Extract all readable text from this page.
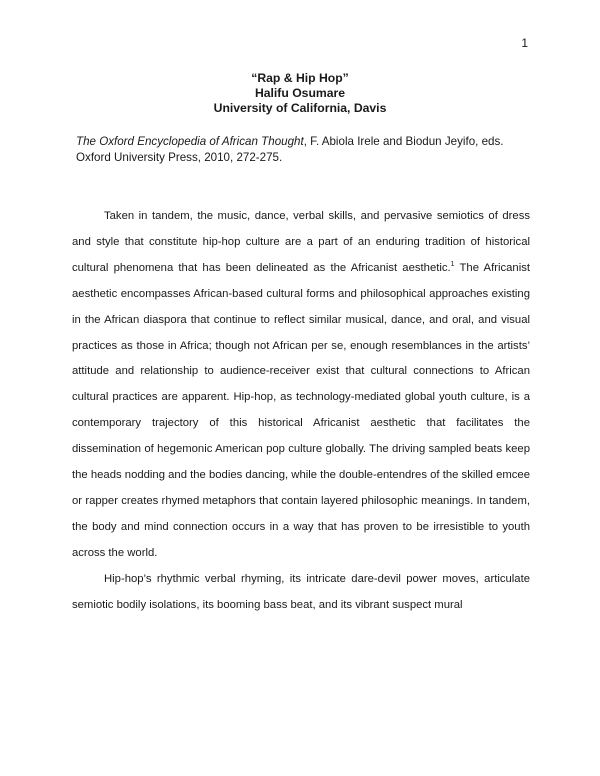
1
“Rap & Hip Hop”
Halifu Osumare
University of California, Davis
The Oxford Encyclopedia of African Thought, F. Abiola Irele and Biodun Jeyifo, eds. Oxford University Press, 2010, 272-275.

Taken in tandem, the music, dance, verbal skills, and pervasive semiotics of dress and style that constitute hip-hop culture are a part of an enduring tradition of historical cultural phenomena that has been delineated as the Africanist aesthetic.$^1$ The Africanist aesthetic encompasses African-based cultural forms and philosophical approaches existing in the African diaspora that continue to reflect similar musical, dance, and oral, and visual practices as those in Africa; though not African per se, enough resemblances in the artists’ attitude and relationship to audience-receiver exist that cultural connections to African cultural practices are apparent. Hip-hop, as technology-mediated global youth culture, is a contemporary trajectory of this historical Africanist aesthetic that facilitates the dissemination of hegemonic American pop culture globally. The driving sampled beats keep the heads nodding and the bodies dancing, while the double-entendres of the skilled emcee or rapper creates rhymed metaphors that contain layered philosophic meanings. In tandem, the body and mind connection occurs in a way that has proven to be irresistible to youth across the world.

Hip-hop’s rhythmic verbal rhyming, its intricate dare-devil power moves, articulate semiotic bodily isolations, its booming bass beat, and its vibrant suspect mural
